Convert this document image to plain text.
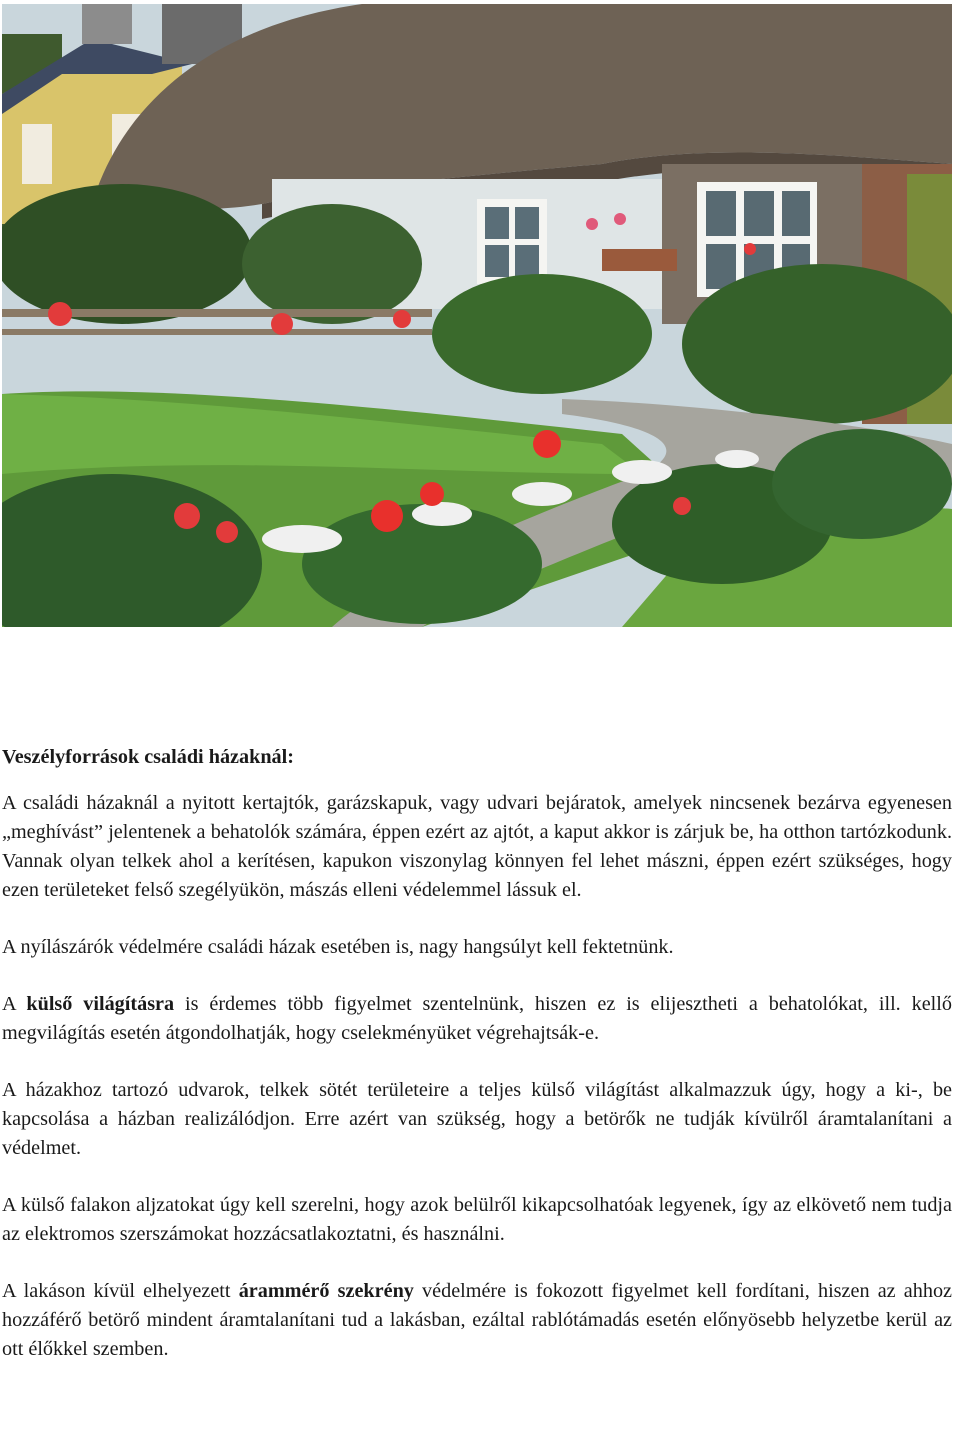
Veszélyforrások családi házaknál:

A családi házaknál a nyitott kertajtók, garázskapuk, vagy udvari bejáratok, amelyek nincsenek bezárva egyenesen „meghívást” jelentenek a behatolók számára, éppen ezért az ajtót, a kaput akkor is zárjuk be, ha otthon tartózkodunk. Vannak olyan telkek ahol a kerítésen, kapukon viszonylag könnyen fel lehet mászni, éppen ezért szükséges, hogy ezen területeket felső szegélyükön, mászás elleni védelemmel lássuk el.

A nyílászárók védelmére családi házak esetében is, nagy hangsúlyt kell fektetnünk.

A külső világításra is érdemes több figyelmet szentelnünk, hiszen ez is elijesztheti a behatolókat, ill. kellő megvilágítás esetén átgondolhatják, hogy cselekményüket végrehajtsák-e.

A házakhoz tartozó udvarok, telkek sötét területeire a teljes külső világítást alkalmazzuk úgy, hogy a ki-, be kapcsolása a házban realizálódjon. Erre azért van szükség, hogy a betörők ne tudják kívülről áramtalanítani a védelmet.

A külső falakon aljzatokat úgy kell szerelni, hogy azok belülről kikapcsolhatóak legyenek, így az elkövető nem tudja az elektromos szerszámokat hozzácsatlakoztatni, és használni.

A lakáson kívül elhelyezett árammérő szekrény védelmére is fokozott figyelmet kell fordítani, hiszen az ahhoz hozzáférő betörő mindent áramtalanítani tud a lakásban, ezáltal rablótámadás esetén előnyösebb helyzetbe kerül az ott élőkkel szemben.
